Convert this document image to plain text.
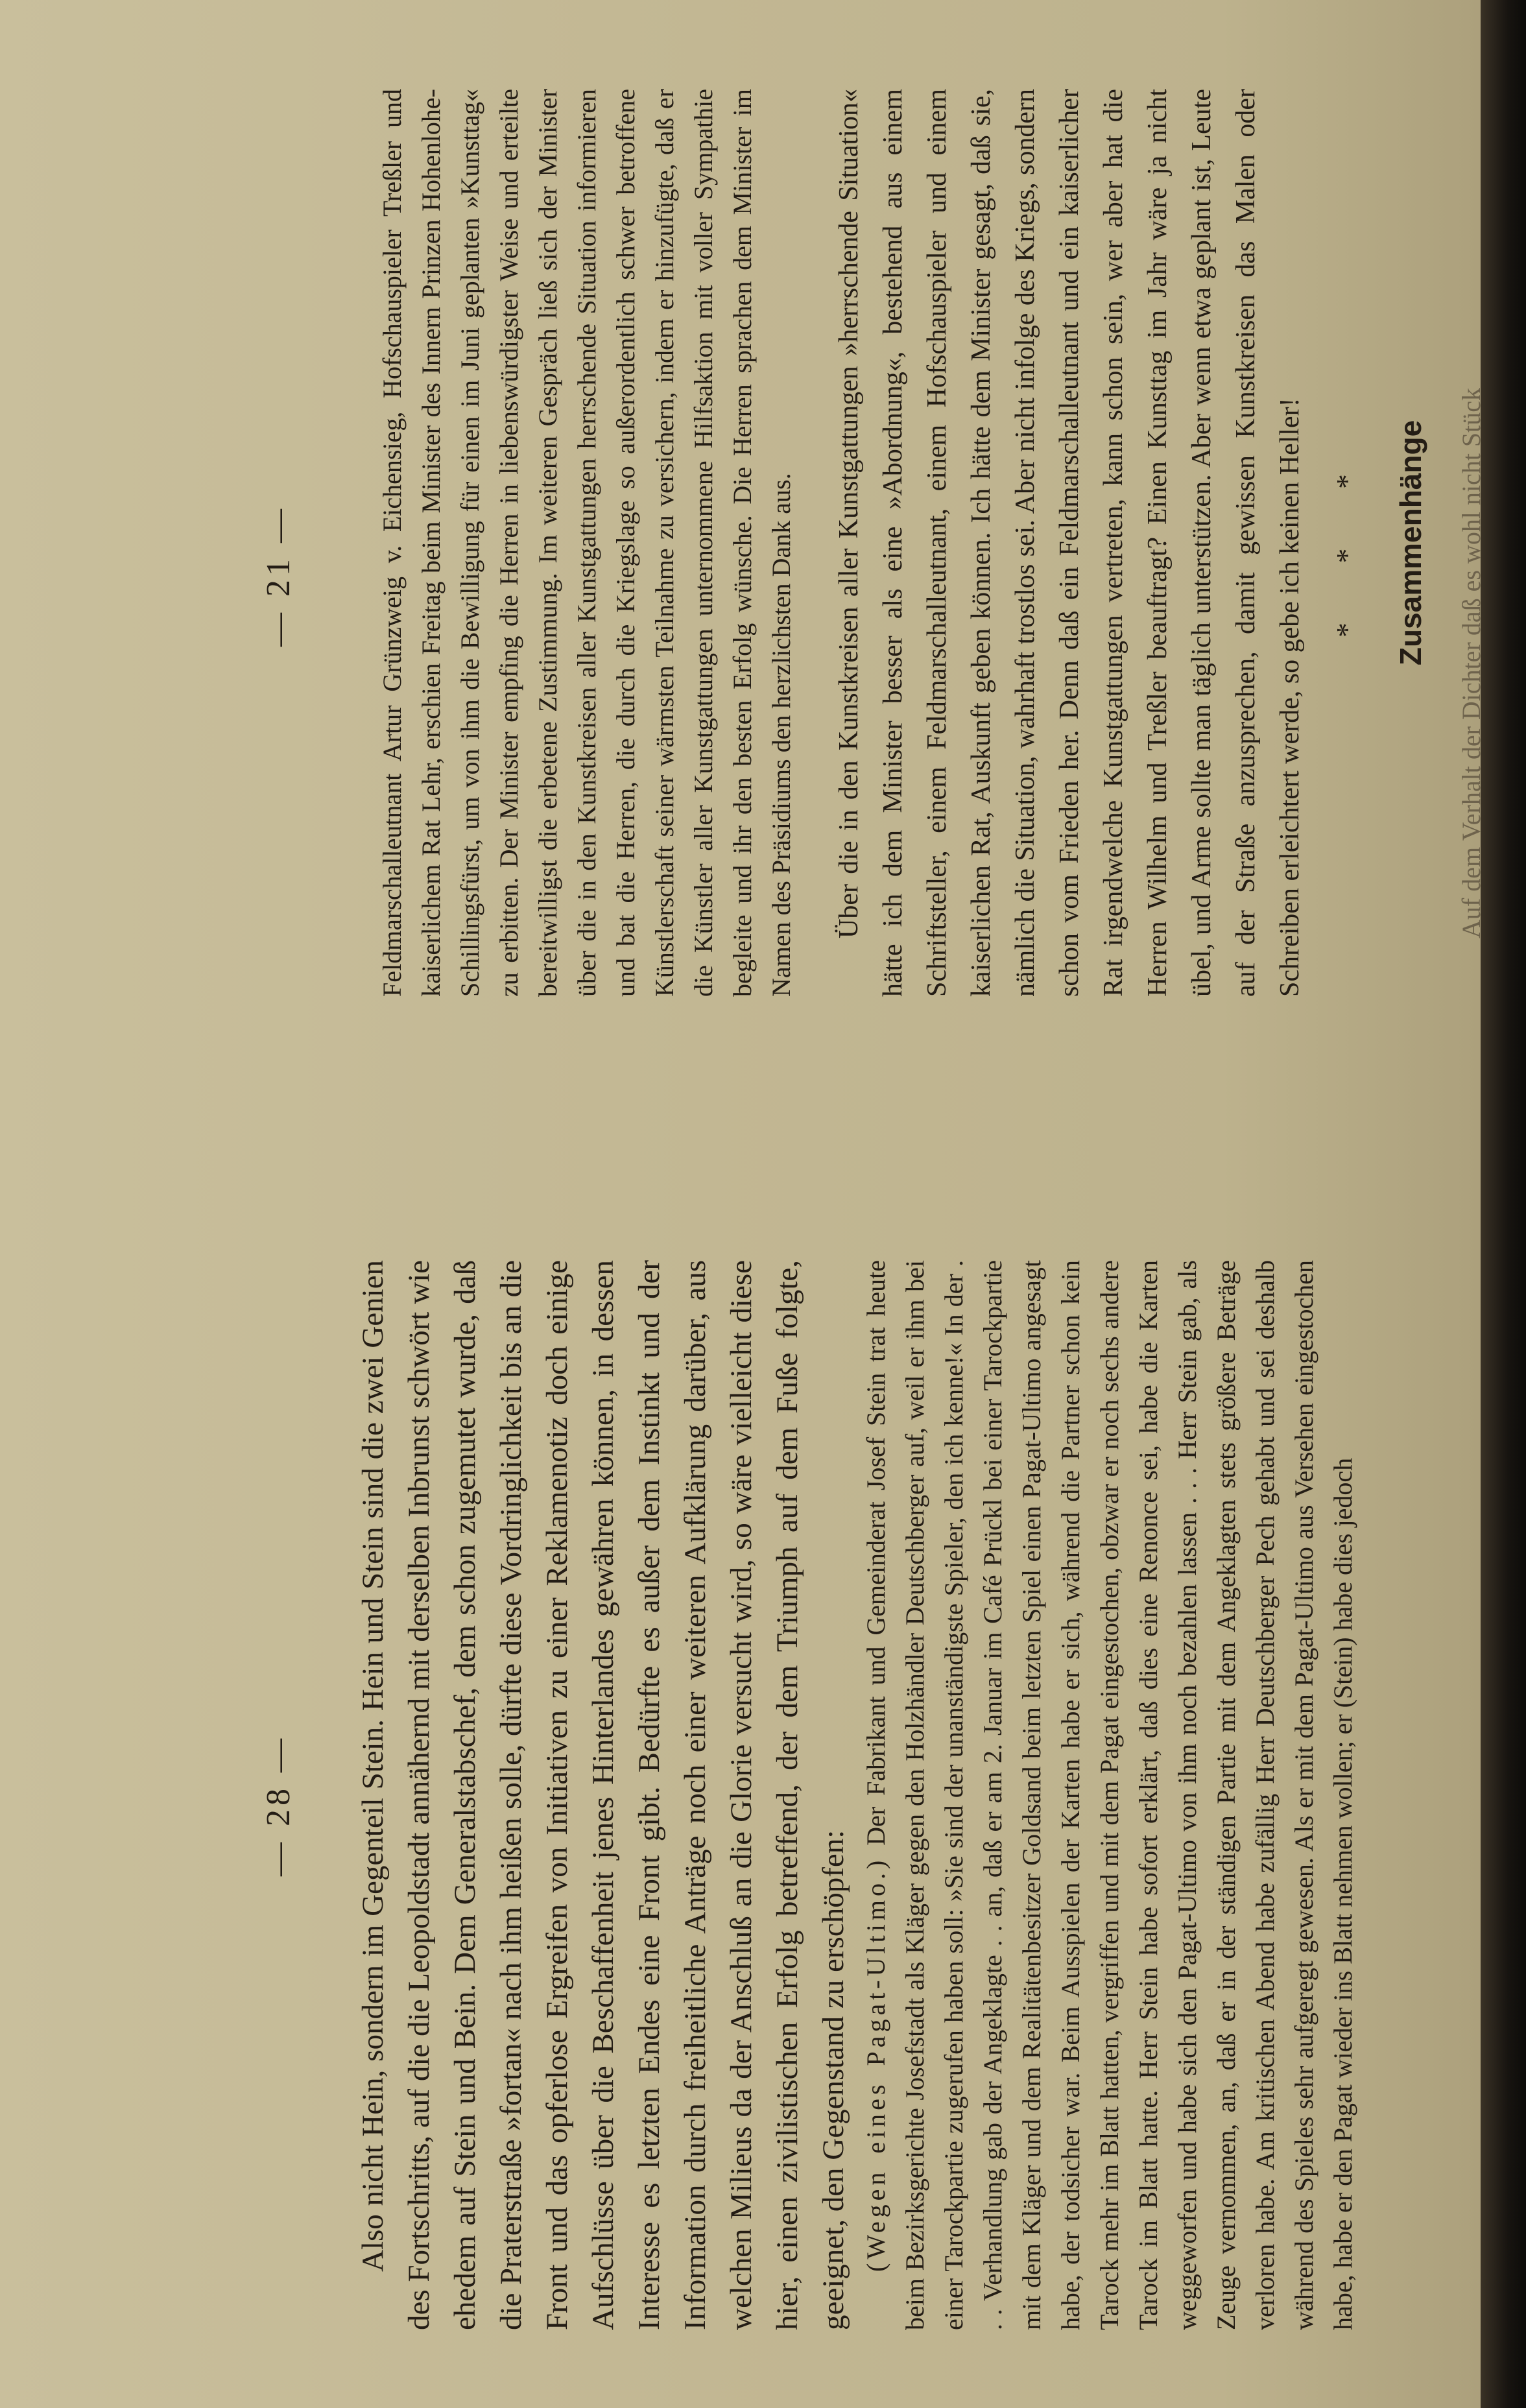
— 28 — Also nicht Hein, sondern im Gegenteil Stein. Hein und Stein sind die zwei Genien des Fortschritts, auf die die Leopoldstadt annähernd mit derselben Inbrunst schwört wie ehedem auf Stein und Bein. Dem Generalstabschef, dem schon zugemutet wurde, daß die Praterstraße »fortan« nach ihm heißen solle, dürfte diese Vordringlichkeit bis an die Front und das opferlose Ergreifen von Initiativen zu einer Reklamenotiz doch einige Aufschlüsse über die Beschaffenheit jenes Hinterlandes gewähren können, in dessen Interesse es letzten Endes eine Front gibt. Bedürfte es außer dem Instinkt und der Information durch freiheitliche Anträge noch einer weiteren Aufklärung darüber, aus welchen Milieus da der Anschluß an die Glorie versucht wird, so wäre vielleicht diese hier, einen zivilistischen Erfolg betreffend, der dem Triumph auf dem Fuße folgte, geeignet, den Gegenstand zu erschöpfen: (Wegen eines Pagat-Ultimo.) Der Fabrikant und Gemeinderat Josef Stein trat heute beim Bezirksgerichte Josefstadt als Kläger gegen den Holzhändler Deutschberger auf, weil er ihm bei einer Tarockpartie zugerufen haben soll: »Sie sind der unanständigste Spieler, den ich kenne!« In der . . . Verhandlung gab der Angeklagte . . an, daß er am 2. Januar im Café Prückl bei einer Tarockpartie mit dem Kläger und dem Realitätenbesitzer Goldsand beim letzten Spiel einen Pagat-Ultimo angesagt habe, der todsicher war. Beim Ausspielen der Karten habe er sich, während die Partner schon kein Tarock mehr im Blatt hatten, vergriffen und mit dem Pagat eingestochen, obzwar er noch sechs andere Tarock im Blatt hatte. Herr Stein habe sofort erklärt, daß dies eine Renonce sei, habe die Karten weggeworfen und habe sich den Pagat-Ultimo von ihm noch bezahlen lassen . . . Herr Stein gab, als Zeuge vernommen, an, daß er in der ständigen Partie mit dem Angeklagten stets größere Beträge verloren habe. Am kritischen Abend habe zufällig Herr Deutschberger Pech gehabt und sei deshalb während des Spieles sehr aufgeregt gewesen. Als er mit dem Pagat-Ultimo aus Versehen eingestochen habe, habe er den Pagat wieder ins Blatt nehmen wollen; er (Stein) habe dies jedoch

— 21 —	Feldmarschalleutnant Artur Grünzweig v. Eichensieg, Hofschauspieler Treßler und kaiserlichem Rat Lehr, erschien Freitag beim Minister des Innern Prinzen Hohenlohe-Schillingsfürst, um von ihm die Bewilligung für einen im Juni geplanten »Kunsttag« zu erbitten. Der Minister empfing die Herren in liebenswürdigster Weise und erteilte bereitwilligst die erbetene Zustimmung. Im weiteren Gespräch ließ sich der Minister über die in den Kunstkreisen aller Kunstgattungen herrschende Situation informieren und bat die Herren, die durch die Kriegslage so außerordentlich schwer betroffene Künstlerschaft seiner wärmsten Teilnahme zu versichern, indem er hinzufügte, daß er die Künstler aller Kunstgattungen unternommene Hilfsaktion mit voller Sympathie begleite und ihr den besten Erfolg wünsche. Die Herren sprachen dem Minister im Namen des Präsidiums den herzlichsten Dank aus. Über die in den Kunstkreisen aller Kunstgattungen »herrschende Situation« hätte ich dem Minister besser als eine »Abordnung«, bestehend aus einem Schriftsteller, einem Feldmarschalleutnant, einem Hofschauspieler und einem kaiserlichen Rat, Auskunft geben können. Ich hätte dem Minister gesagt, daß sie, nämlich die Situation, wahrhaft trostlos sei. Aber nicht infolge des Kriegs, sondern schon vom Frieden her. Denn daß ein Feldmarschalleutnant und ein kaiserlicher Rat irgendwelche Kunstgattungen vertreten, kann schon sein, wer aber hat die Herren Wilhelm und Treßler beauftragt? Einen Kunsttag im Jahr wäre ja nicht übel, und Arme sollte man täglich unterstützen. Aber wenn etwa geplant ist, Leute auf der Straße anzusprechen, damit gewissen Kunstkreisen das Malen oder Schreiben erleichtert werde, so gebe ich keinen Heller! * * * Zusammenhänge Auf dem Verhalt der Dichter daß es wohl nicht Stück
